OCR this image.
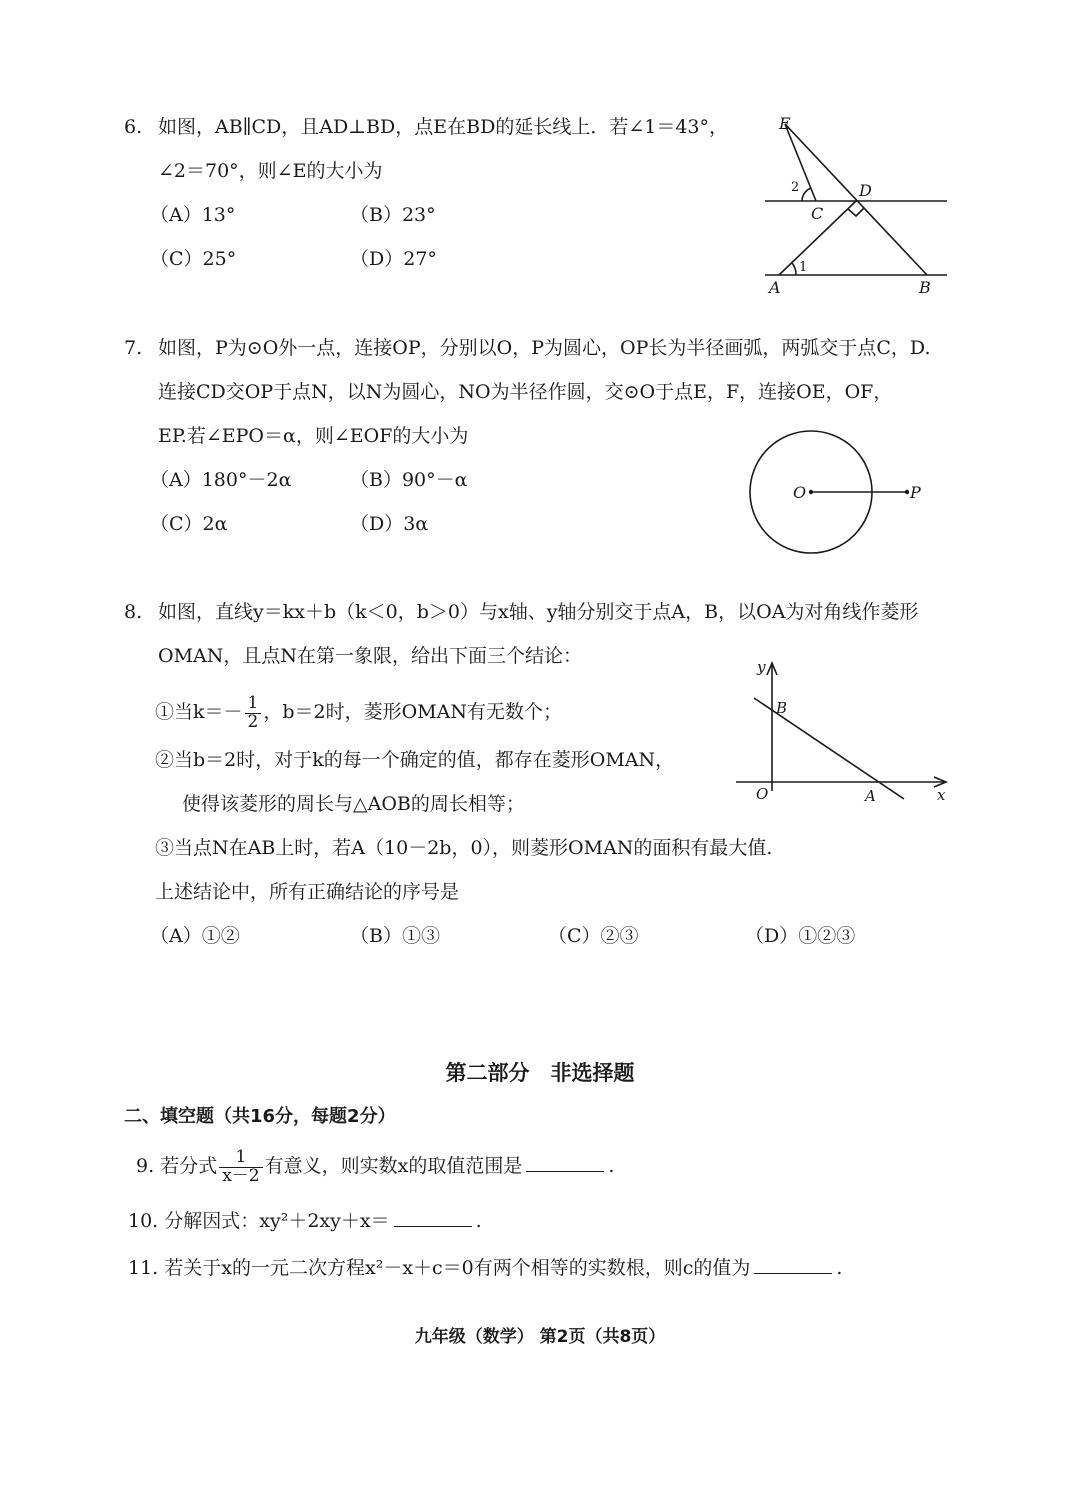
6. 如图，AB∥CD，且AD⊥BD，点E在BD的延长线上．若∠1＝43°，
∠2＝70°，则∠E的大小为
（A）13°	（B）23°
（C）25°	（D）27°
E
D
C
A	B
1
2
7. 如图，P为⊙O外一点，连接OP，分别以O，P为圆心，OP长为半径画弧，两弧交于点C，D.
连接CD交OP于点N，以N为圆心，NO为半径作圆，交⊙O于点E，F，连接OE，OF，
EP.若∠EPO＝α，则∠EOF的大小为
（A）180°－2α	（B）90°－α
（C）2α	（D）3α
O	P
8. 如图，直线y＝kx＋b（k＜0，b＞0）与x轴、y轴分别交于点A，B，以OA为对角线作菱形
OMAN，且点N在第一象限，给出下面三个结论：
①当$k=- \frac{1}{2}$ ，b＝2时，菱形OMAN有无数个；
②当b＝2时，对于k的每一个确定的值，都存在菱形OMAN，
使得该菱形的周长与△AOB的周长相等；
③当点N在AB上时，若A（10－2b，0），则菱形OMAN的面积有最大值.
上述结论中，所有正确结论的序号是
（A）①②	（B）①③	（C）②③	（D）①②③
y
x
O	A
B
第二部分　非选择题
二、填空题（共16分，每题2分）
9. 若分式 $\frac{1}{x-2}$ 有意义，则实数x的取值范围是	.
10. 分解因式：xy²＋2xy＋x＝	.
11. 若关于x的一元二次方程x²－x＋c＝0有两个相等的实数根，则c的值为	.
九年级（数学） 第2页（共8页）
